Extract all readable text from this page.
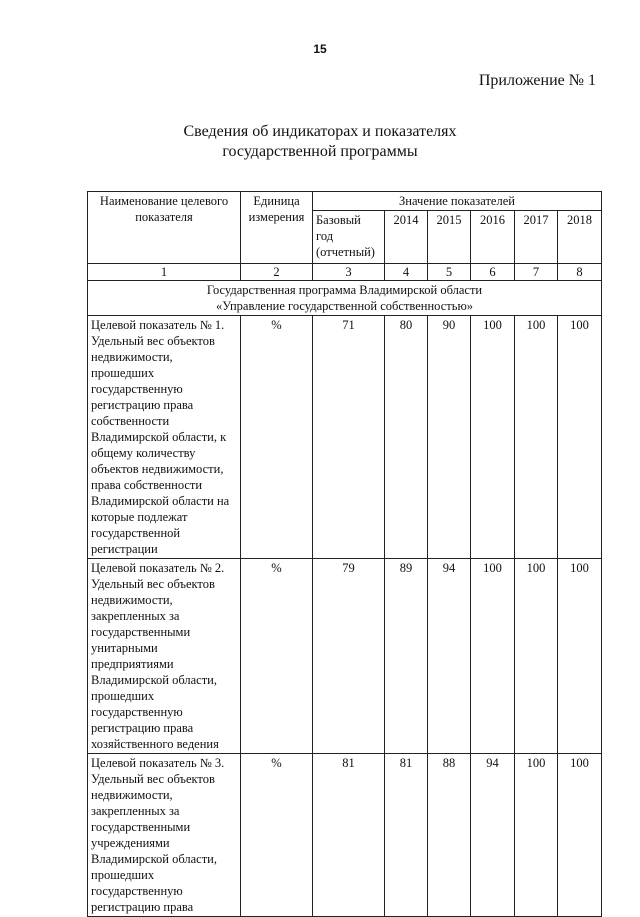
15
Приложение № 1
Сведения об индикаторах и показателях
государственной программы
Наименование целевого показателя	Единица измерения	Значение показателей					
		Базовый год (отчетный)	2014	2015	2016	2017	2018
1	2	3	4	5	6	7	8

Государственная программа Владимирской области
«Управление государственной собственностью»							

Целевой показатель № 1. Удельный вес объектов недвижимости, прошедших государственную регистрацию права собственности Владимирской области, к общему количеству объектов недвижимости, права собственности Владимирской области на которые подлежат государственной регистрации	%	71	80	90	100	100	100
Целевой показатель № 2. Удельный вес объектов недвижимости, закрепленных за государственными унитарными предприятиями Владимирской области, прошедших государственную регистрацию права хозяйственного ведения	%	79	89	94	100	100	100
Целевой показатель № 3. Удельный вес объектов недвижимости, закрепленных за государственными учреждениями Владимирской области, прошедших государственную регистрацию права	%	81	81	88	94	100	100
